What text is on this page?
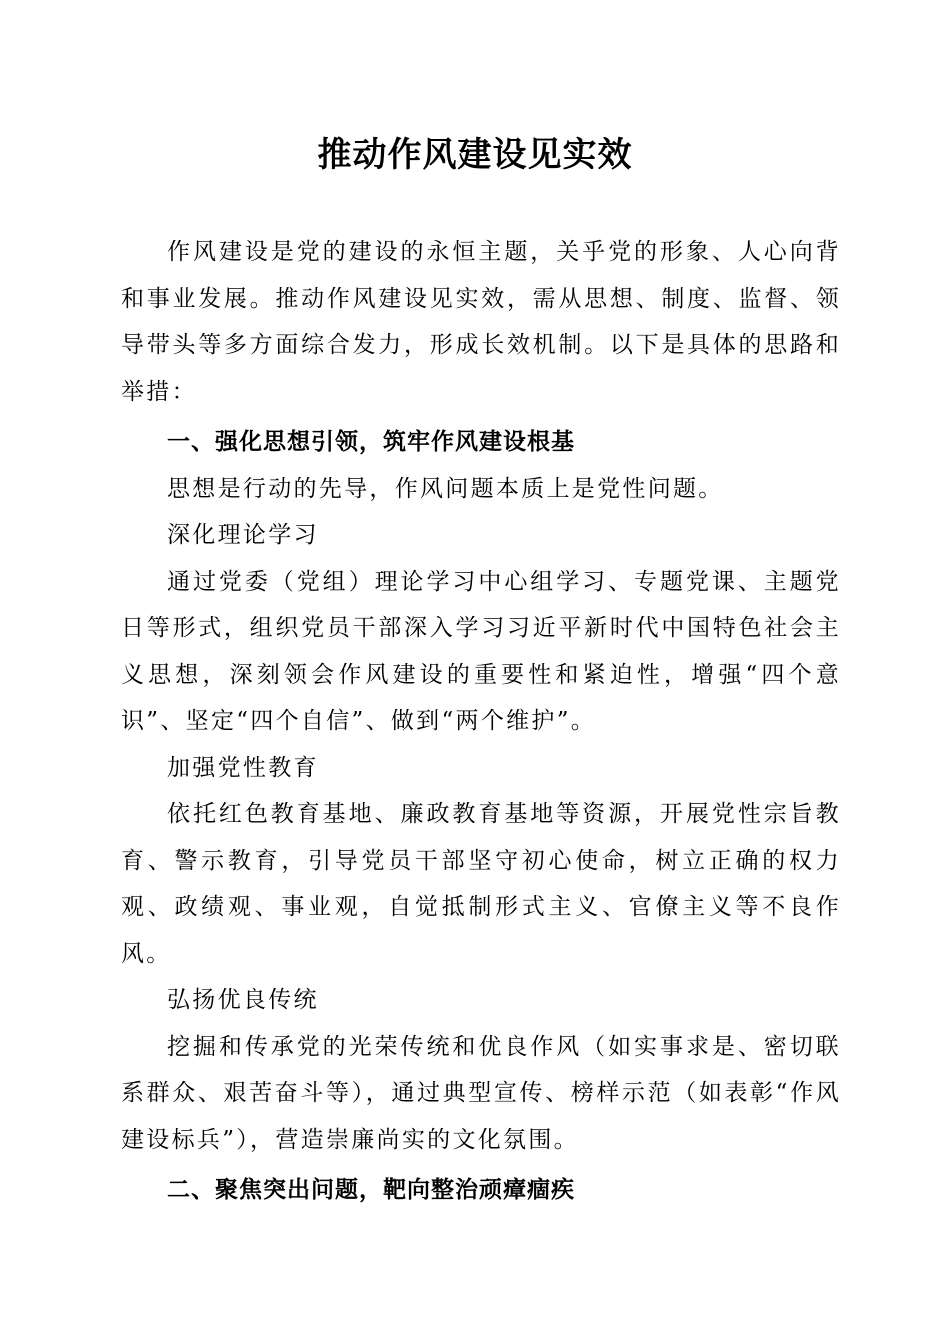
推动作风建设见实效

作风建设是党的建设的永恒主题，关乎党的形象、人心向背和事业发展。推动作风建设见实效，需从思想、制度、监督、领导带头等多方面综合发力，形成长效机制。以下是具体的思路和举措：

一、强化思想引领，筑牢作风建设根基

思想是行动的先导，作风问题本质上是党性问题。

深化理论学习

通过党委（党组）理论学习中心组学习、专题党课、主题党日等形式，组织党员干部深入学习习近平新时代中国特色社会主义思想，深刻领会作风建设的重要性和紧迫性，增强“四个意识”、坚定“四个自信”、做到“两个维护”。

加强党性教育

依托红色教育基地、廉政教育基地等资源，开展党性宗旨教育、警示教育，引导党员干部坚守初心使命，树立正确的权力观、政绩观、事业观，自觉抵制形式主义、官僚主义等不良作风。

弘扬优良传统

挖掘和传承党的光荣传统和优良作风（如实事求是、密切联系群众、艰苦奋斗等），通过典型宣传、榜样示范（如表彰“作风建设标兵”），营造崇廉尚实的文化氛围。

二、聚焦突出问题，靶向整治顽瘴痼疾
